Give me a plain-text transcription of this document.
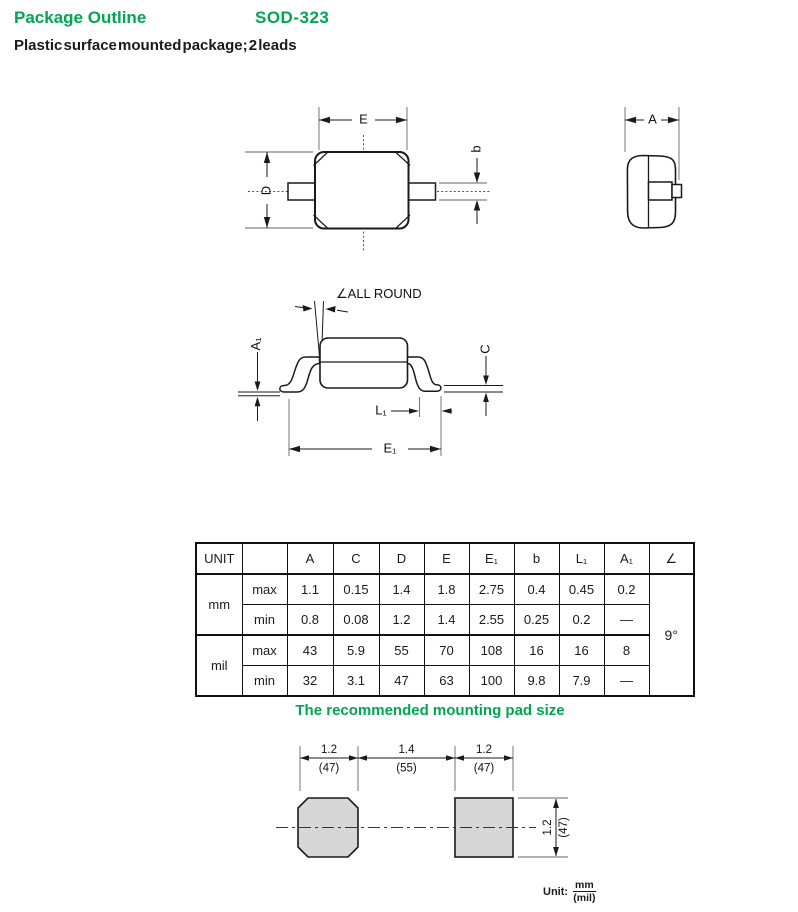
Package Outline	SOD-323
Plastic surface mounted package; 2 leads
E
D
b
A
∠ALL ROUND
A₁	C
L₁
E₁
UNIT		A	C	D	E	E₁	b	L₁	A₁	∠
mm	max	1.1	0.15	1.4	1.8	2.75	0.4	0.45	0.2	9°
	min	0.8	0.08	1.2	1.4	2.55	0.25	0.2	—	
mil	max	43	5.9	55	70	108	16	16	8	
	min	32	3.1	47	63	100	9.8	7.9	—	
The recommended mounting pad size
1.2	1.4	1.2
(47)	(55)	(47)
1.2 (47)
Unit: $\frac{mm}{\text{(mil)}}$
